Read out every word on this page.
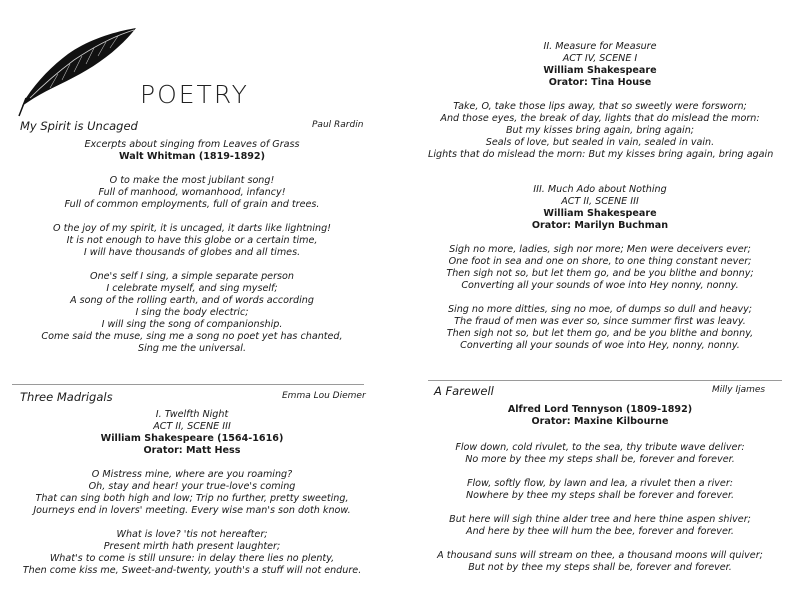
POETRY
My Spirit is Uncaged	Paul Rardin
Excerpts about singing from Leaves of Grass
Walt Whitman (1819-1892)
O to make the most jubilant song!
Full of manhood, womanhood, infancy!
Full of common employments, full of grain and trees.
O the joy of my spirit, it is uncaged, it darts like lightning!
It is not enough to have this globe or a certain time,
I will have thousands of globes and all times.
One's self I sing, a simple separate person
I celebrate myself, and sing myself;
A song of the rolling earth, and of words according
I sing the body electric;
I will sing the song of companionship.
Come said the muse, sing me a song no poet yet has chanted,
Sing me the universal.
Three Madrigals	Emma Lou Diemer
I. Twelfth Night
ACT II, SCENE III
William Shakespeare (1564-1616)
Orator: Matt Hess
O Mistress mine, where are you roaming?
Oh, stay and hear! your true-love's coming
That can sing both high and low; Trip no further, pretty sweeting,
Journeys end in lovers' meeting. Every wise man's son doth know.
What is love? 'tis not hereafter;
Present mirth hath present laughter;
What's to come is still unsure: in delay there lies no plenty,
Then come kiss me, Sweet-and-twenty, youth's a stuff will not endure.
II. Measure for Measure
ACT IV, SCENE I
William Shakespeare
Orator: Tina House
Take, O, take those lips away, that so sweetly were forsworn;
And those eyes, the break of day, lights that do mislead the morn:
But my kisses bring again, bring again;
Seals of love, but sealed in vain, sealed in vain.
Lights that do mislead the morn: But my kisses bring again, bring again
III. Much Ado about Nothing
ACT II, SCENE III
William Shakespeare
Orator: Marilyn Buchman
Sigh no more, ladies, sigh nor more; Men were deceivers ever;
One foot in sea and one on shore, to one thing constant never;
Then sigh not so, but let them go, and be you blithe and bonny;
Converting all your sounds of woe into Hey nonny, nonny.
Sing no more ditties, sing no moe, of dumps so dull and heavy;
The fraud of men was ever so, since summer first was leavy.
Then sigh not so, but let them go, and be you blithe and bonny,
Converting all your sounds of woe into Hey, nonny, nonny.
A Farewell	Milly Ijames
Alfred Lord Tennyson (1809-1892)
Orator: Maxine Kilbourne
Flow down, cold rivulet, to the sea, thy tribute wave deliver:
No more by thee my steps shall be, forever and forever.
Flow, softly flow, by lawn and lea, a rivulet then a river:
Nowhere by thee my steps shall be forever and forever.
But here will sigh thine alder tree and here thine aspen shiver;
And here by thee will hum the bee, forever and forever.
A thousand suns will stream on thee, a thousand moons will quiver;
But not by thee my steps shall be, forever and forever.
